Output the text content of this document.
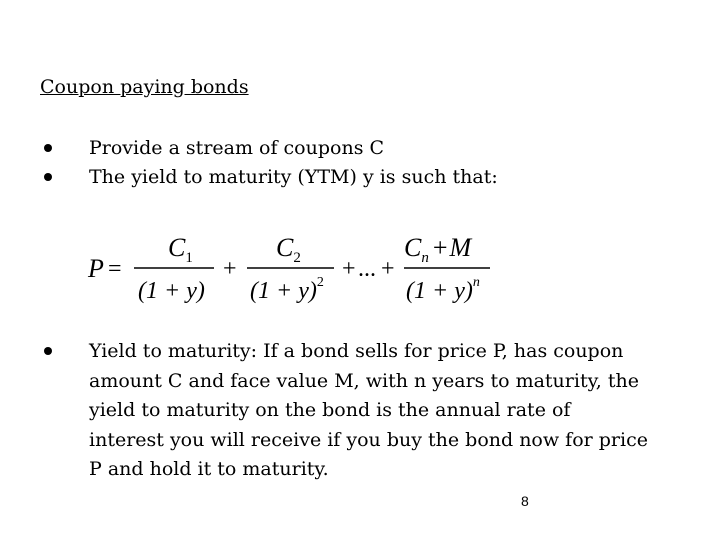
Coupon paying bonds
Provide a stream of coupons C
The yield to maturity (YTM) y is such that:
P =
$C_1$
(1 + y)
+
$C_2$
$(1 + y)^2$
+ ... +
$C_n +M$
$(1 + y)^n$
Yield to maturity: If a bond sells for price P, has coupon amount C and face value M, with n years to maturity, the yield to maturity on the bond is the annual rate of interest you will receive if you buy the bond now for price P and hold it to maturity.
8
